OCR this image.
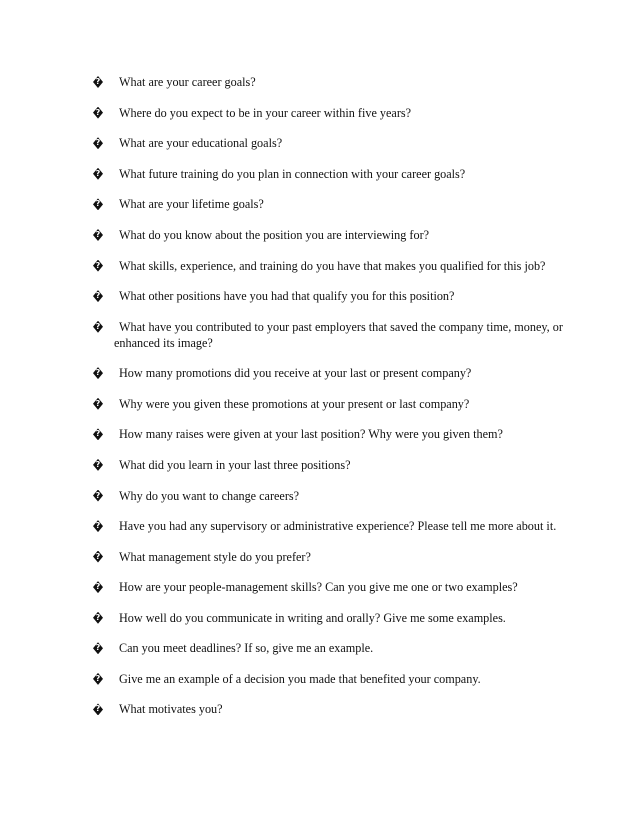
?	What are your career goals?
?	Where do you expect to be in your career within five years?
?	What are your educational goals?
?	What future training do you plan in connection with your career goals?
?	What are your lifetime goals?
?	What do you know about the position you are interviewing for?
?	What skills, experience, and training do you have that makes you qualified for this job?
?	What other positions have you had that qualify you for this position?
?	What have you contributed to your past employers that saved the company time, money, or enhanced its image?
?	How many promotions did you receive at your last or present company?
?	Why were you given these promotions at your present or last company?
?	How many raises were given at your last position? Why were you given them?
?	What did you learn in your last three positions?
?	Why do you want to change careers?
?	Have you had any supervisory or administrative experience? Please tell me more about it.
?	What management style do you prefer?
?	How are your people-management skills? Can you give me one or two examples?
?	How well do you communicate in writing and orally? Give me some examples.
?	Can you meet deadlines? If so, give me an example.
?	Give me an example of a decision you made that benefited your company.
?	What motivates you?
